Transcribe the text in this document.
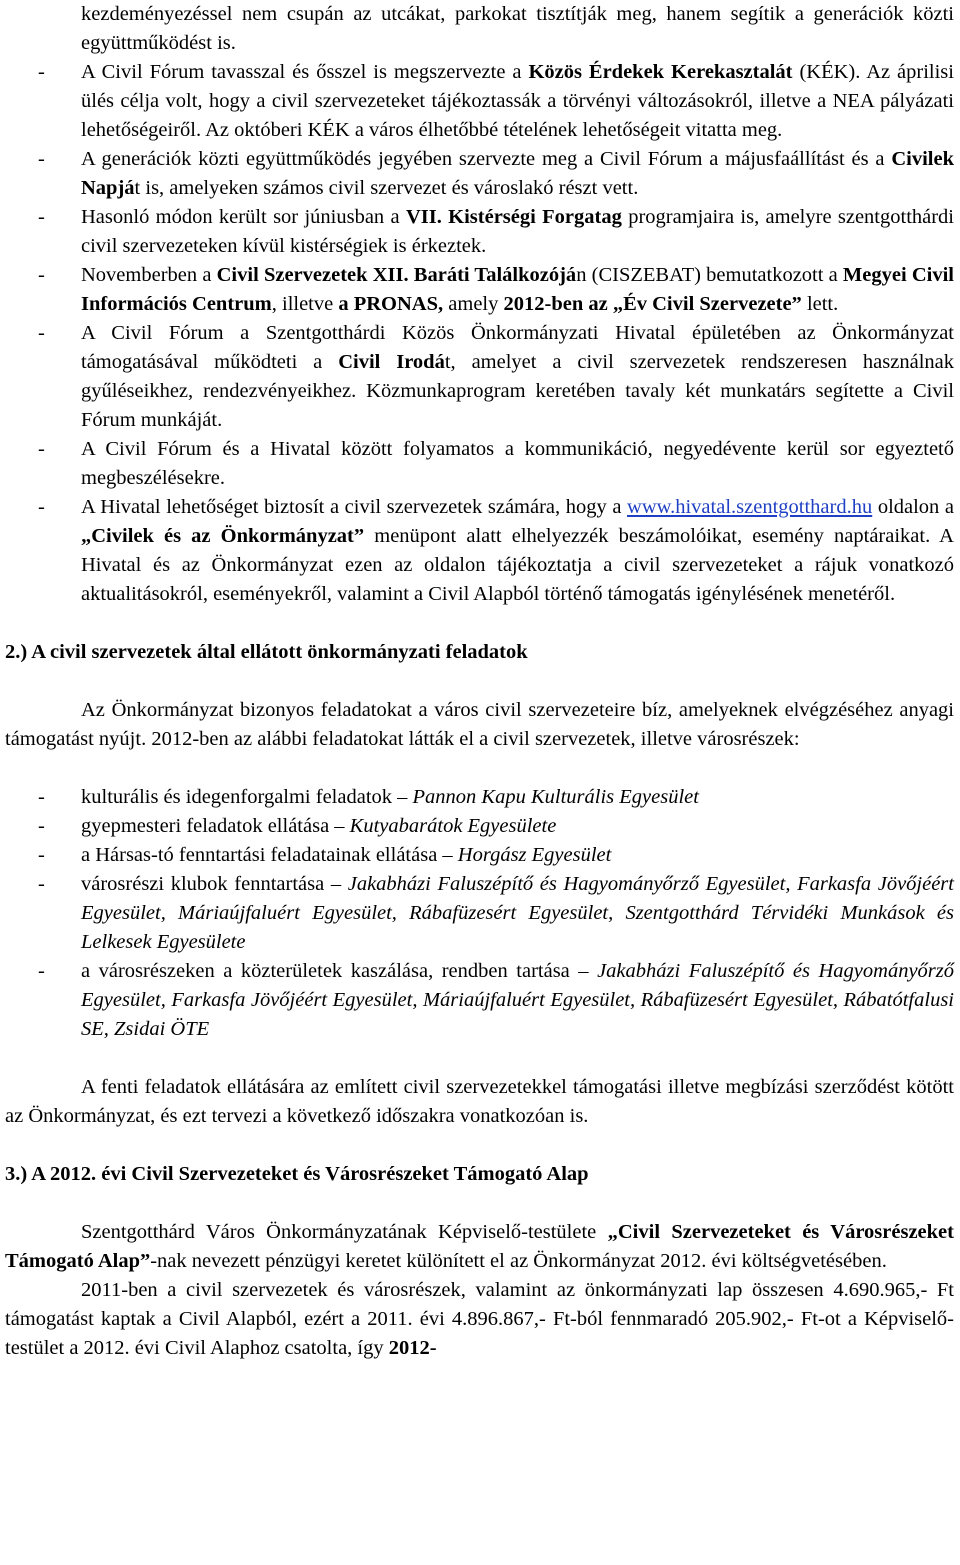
kezdeményezéssel nem csupán az utcákat, parkokat tisztítják meg, hanem segítik a generációk közti együttműködést is.

- A Civil Fórum tavasszal és ősszel is megszervezte a Közös Érdekek Kerekasztalát (KÉK). Az áprilisi ülés célja volt, hogy a civil szervezeteket tájékoztassák a törvényi változásokról, illetve a NEA pályázati lehetőségeiről. Az októberi KÉK a város élhetőbbé tételének lehetőségeit vitatta meg.
- A generációk közti együttműködés jegyében szervezte meg a Civil Fórum a májusfaállítást és a Civilek Napját is, amelyeken számos civil szervezet és városlakó részt vett.
- Hasonló módon került sor júniusban a VII. Kistérségi Forgatag programjaira is, amelyre szentgotthárdi civil szervezeteken kívül kistérségiek is érkeztek.
- Novemberben a Civil Szervezetek XII. Baráti Találkozóján (CISZEBAT) bemutatkozott a Megyei Civil Információs Centrum, illetve a PRONAS, amely 2012-ben az „Év Civil Szervezete” lett.
- A Civil Fórum a Szentgotthárdi Közös Önkormányzati Hivatal épületében az Önkormányzat támogatásával működteti a Civil Irodát, amelyet a civil szervezetek rendszeresen használnak gyűléseikhez, rendezvényeikhez. Közmunkaprogram keretében tavaly két munkatárs segítette a Civil Fórum munkáját.
- A Civil Fórum és a Hivatal között folyamatos a kommunikáció, negyedévente kerül sor egyeztető megbeszélésekre.
- A Hivatal lehetőséget biztosít a civil szervezetek számára, hogy a www.hivatal.szentgotthard.hu oldalon a „Civilek és az Önkormányzat” menüpont alatt elhelyezzék beszámolóikat, esemény naptáraikat. A Hivatal és az Önkormányzat ezen az oldalon tájékoztatja a civil szervezeteket a rájuk vonatkozó aktualitásokról, eseményekről, valamint a Civil Alapból történő támogatás igénylésének menetéről.

2.) A civil szervezetek által ellátott önkormányzati feladatok

Az Önkormányzat bizonyos feladatokat a város civil szervezeteire bíz, amelyeknek elvégzéséhez anyagi támogatást nyújt. 2012-ben az alábbi feladatokat látták el a civil szervezetek, illetve városrészek:

- kulturális és idegenforgalmi feladatok – Pannon Kapu Kulturális Egyesület
- gyepmesteri feladatok ellátása – Kutyabarátok Egyesülete
- a Hársas-tó fenntartási feladatainak ellátása – Horgász Egyesület
- városrészi klubok fenntartása – Jakabházi Faluszépítő és Hagyományőrző Egyesület, Farkasfa Jövőjéért Egyesület, Máriaújfaluért Egyesület, Rábafüzesért Egyesület, Szentgotthárd Térvidéki Munkások és Lelkesek Egyesülete
- a városrészeken a közterületek kaszálása, rendben tartása – Jakabházi Faluszépítő és Hagyományőrző Egyesület, Farkasfa Jövőjéért Egyesület, Máriaújfaluért Egyesület, Rábafüzesért Egyesület, Rábatótfalusi SE, Zsidai ÖTE

A fenti feladatok ellátására az említett civil szervezetekkel támogatási illetve megbízási szerződést kötött az Önkormányzat, és ezt tervezi a következő időszakra vonatkozóan is.

3.) A 2012. évi Civil Szervezeteket és Városrészeket Támogató Alap

Szentgotthárd Város Önkormányzatának Képviselő-testülete „Civil Szervezeteket és Városrészeket Támogató Alap”-nak nevezett pénzügyi keretet különített el az Önkormányzat 2012. évi költségvetésében.

2011-ben a civil szervezetek és városrészek, valamint az önkormányzati lap összesen 4.690.965,- Ft támogatást kaptak a Civil Alapból, ezért a 2011. évi 4.896.867,- Ft-ból fennmaradó 205.902,- Ft-ot a Képviselő-testület a 2012. évi Civil Alaphoz csatolta, így 2012-
